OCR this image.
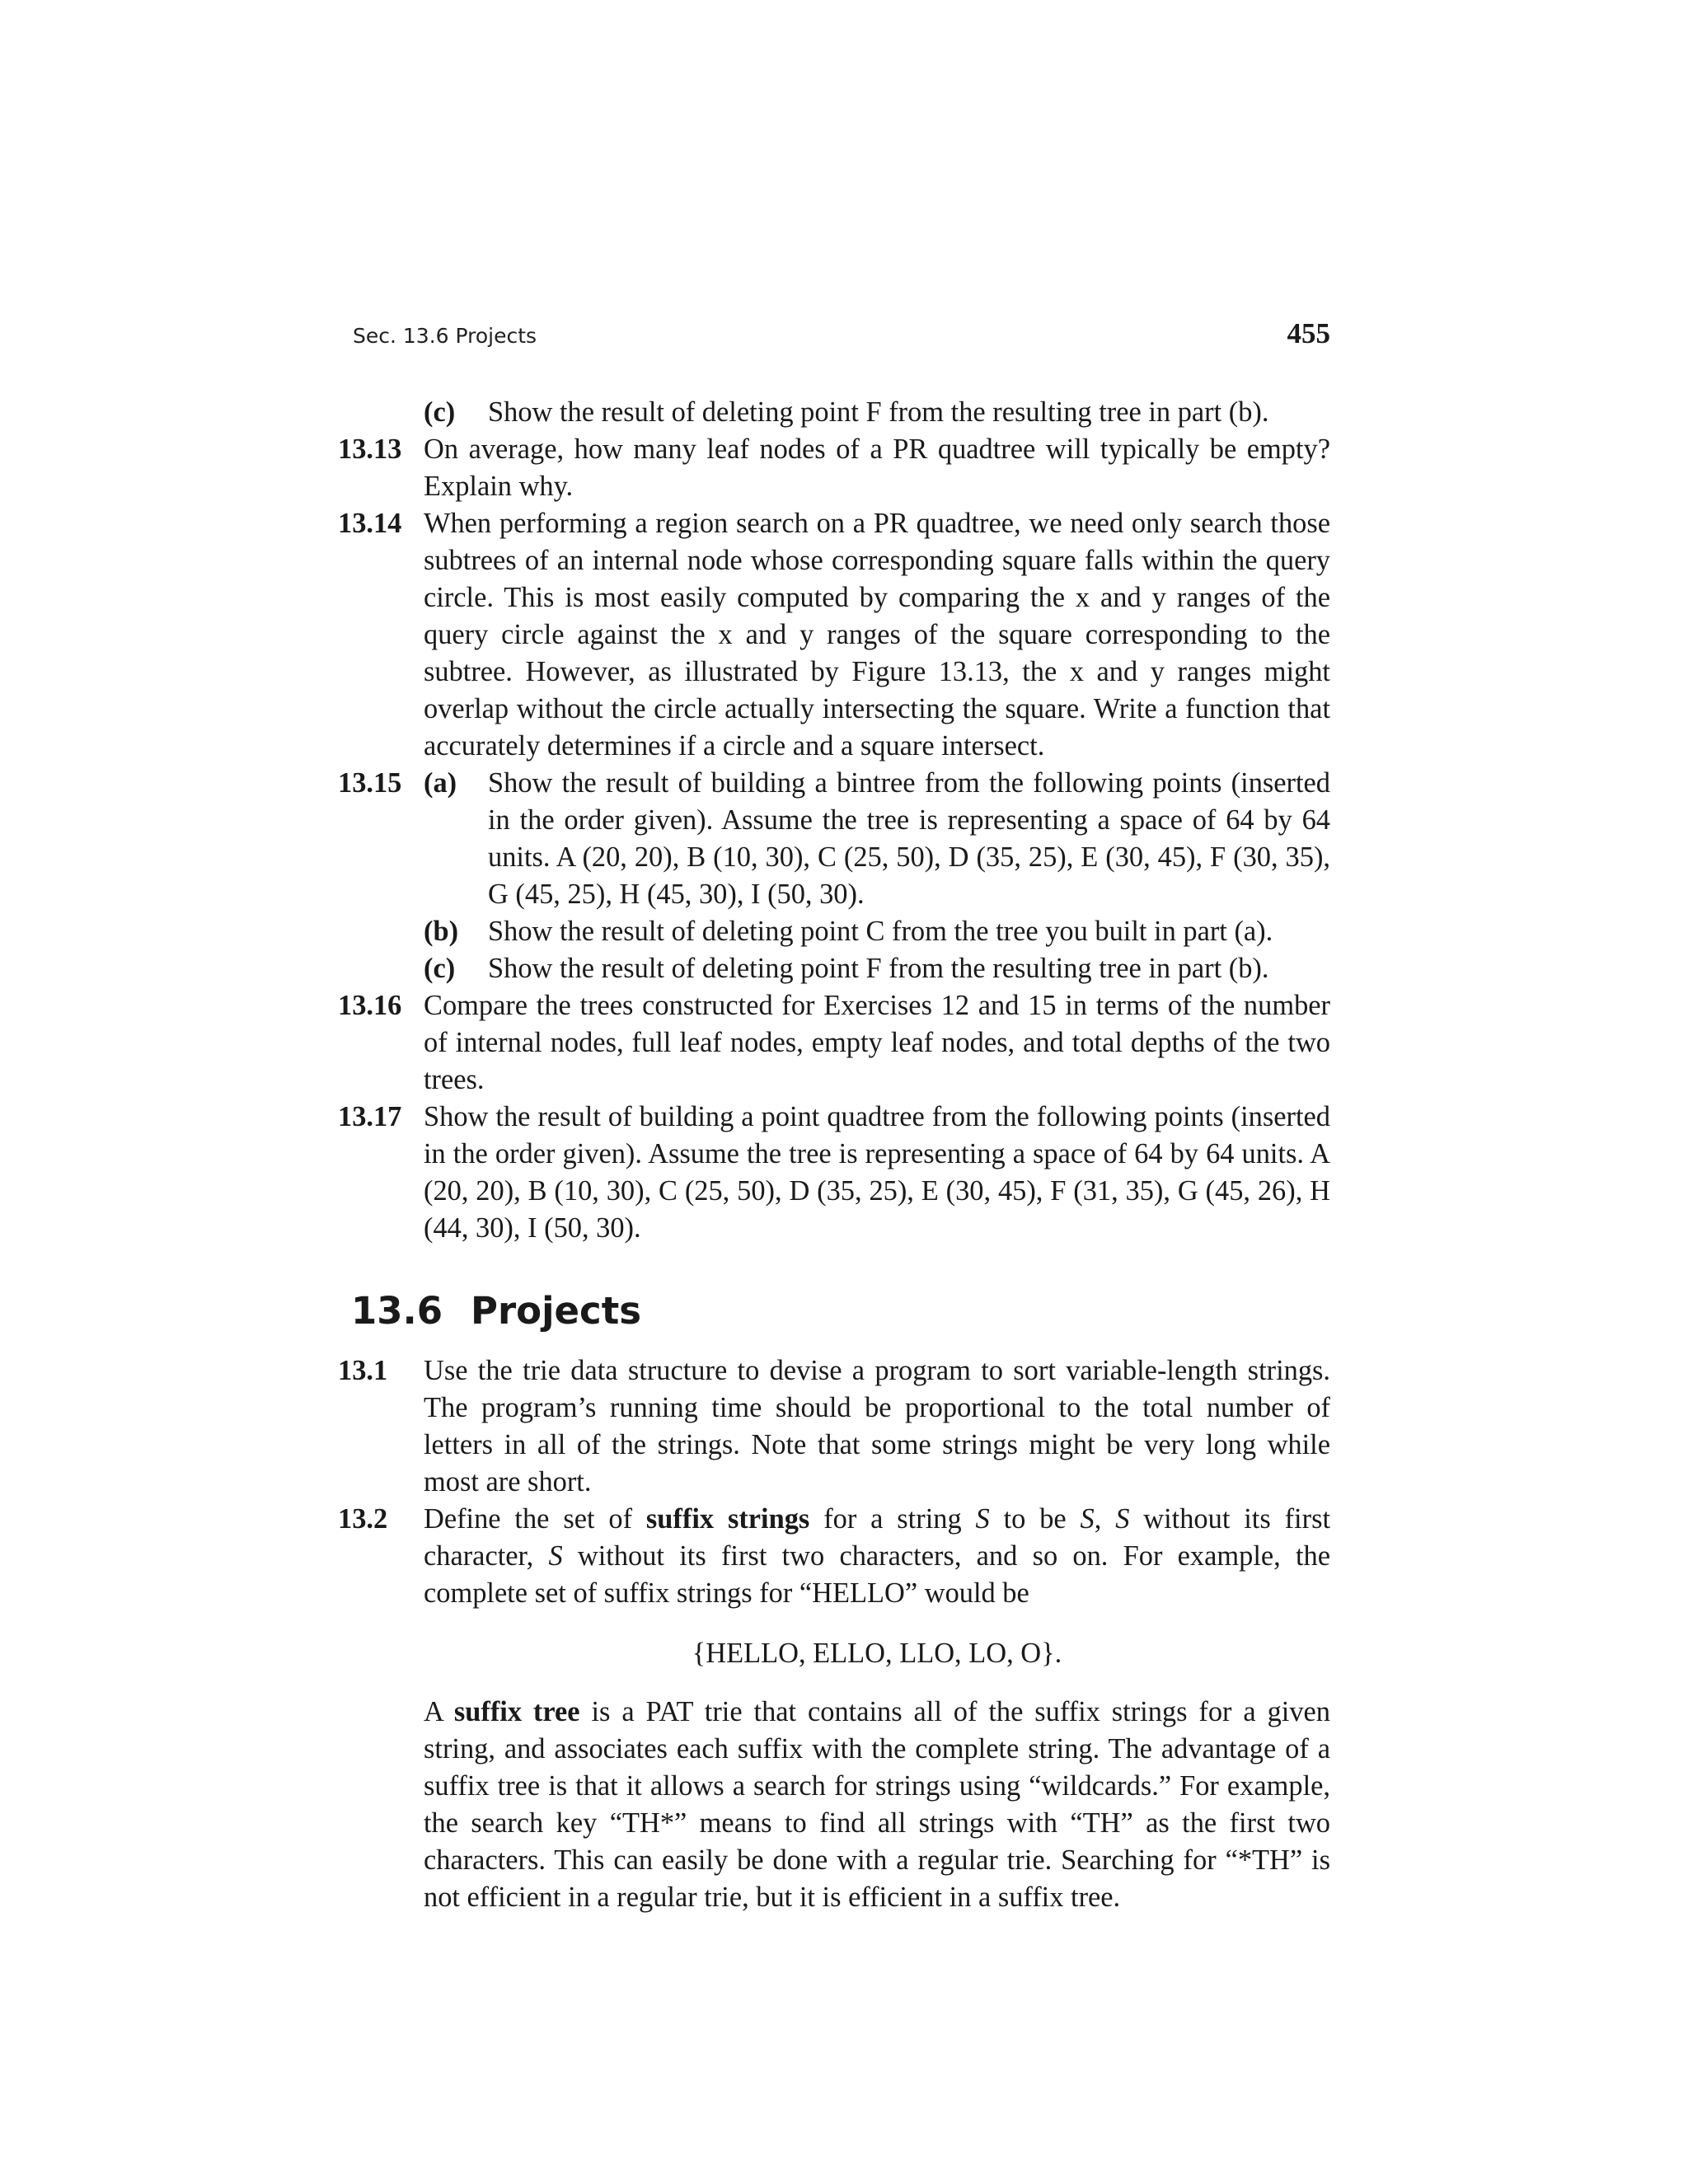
Sec. 13.6 Projects	455
(c)	Show the result of deleting point F from the resulting tree in part (b).
13.13 On average, how many leaf nodes of a PR quadtree will typically be empty? Explain why.
13.14 When performing a region search on a PR quadtree, we need only search those subtrees of an internal node whose corresponding square falls within the query circle. This is most easily computed by comparing the x and y ranges of the query circle against the x and y ranges of the square corresponding to the subtree. However, as illustrated by Figure 13.13, the x and y ranges might overlap without the circle actually intersecting the square. Write a function that accurately determines if a circle and a square intersect.
13.15 (a)	Show the result of building a bintree from the following points (inserted in the order given). Assume the tree is representing a space of 64 by 64 units. A (20, 20), B (10, 30), C (25, 50), D (35, 25), E (30, 45), F (30, 35), G (45, 25), H (45, 30), I (50, 30).
(b)	Show the result of deleting point C from the tree you built in part (a).
(c)	Show the result of deleting point F from the resulting tree in part (b).
13.16 Compare the trees constructed for Exercises 12 and 15 in terms of the number of internal nodes, full leaf nodes, empty leaf nodes, and total depths of the two trees.
13.17 Show the result of building a point quadtree from the following points (inserted in the order given). Assume the tree is representing a space of 64 by 64 units. A (20, 20), B (10, 30), C (25, 50), D (35, 25), E (30, 45), F (31, 35), G (45, 26), H (44, 30), I (50, 30).
13.6 Projects
13.1	Use the trie data structure to devise a program to sort variable-length strings. The program’s running time should be proportional to the total number of letters in all of the strings. Note that some strings might be very long while most are short.
13.2	Define the set of suffix strings for a string S to be S, S without its first character, S without its first two characters, and so on. For example, the complete set of suffix strings for “HELLO” would be
{HELLO, ELLO, LLO, LO, O}.
A suffix tree is a PAT trie that contains all of the suffix strings for a given string, and associates each suffix with the complete string. The advantage of a suffix tree is that it allows a search for strings using “wildcards.” For example, the search key “TH*” means to find all strings with “TH” as the first two characters. This can easily be done with a regular trie. Searching for “*TH” is not efficient in a regular trie, but it is efficient in a suffix tree.
